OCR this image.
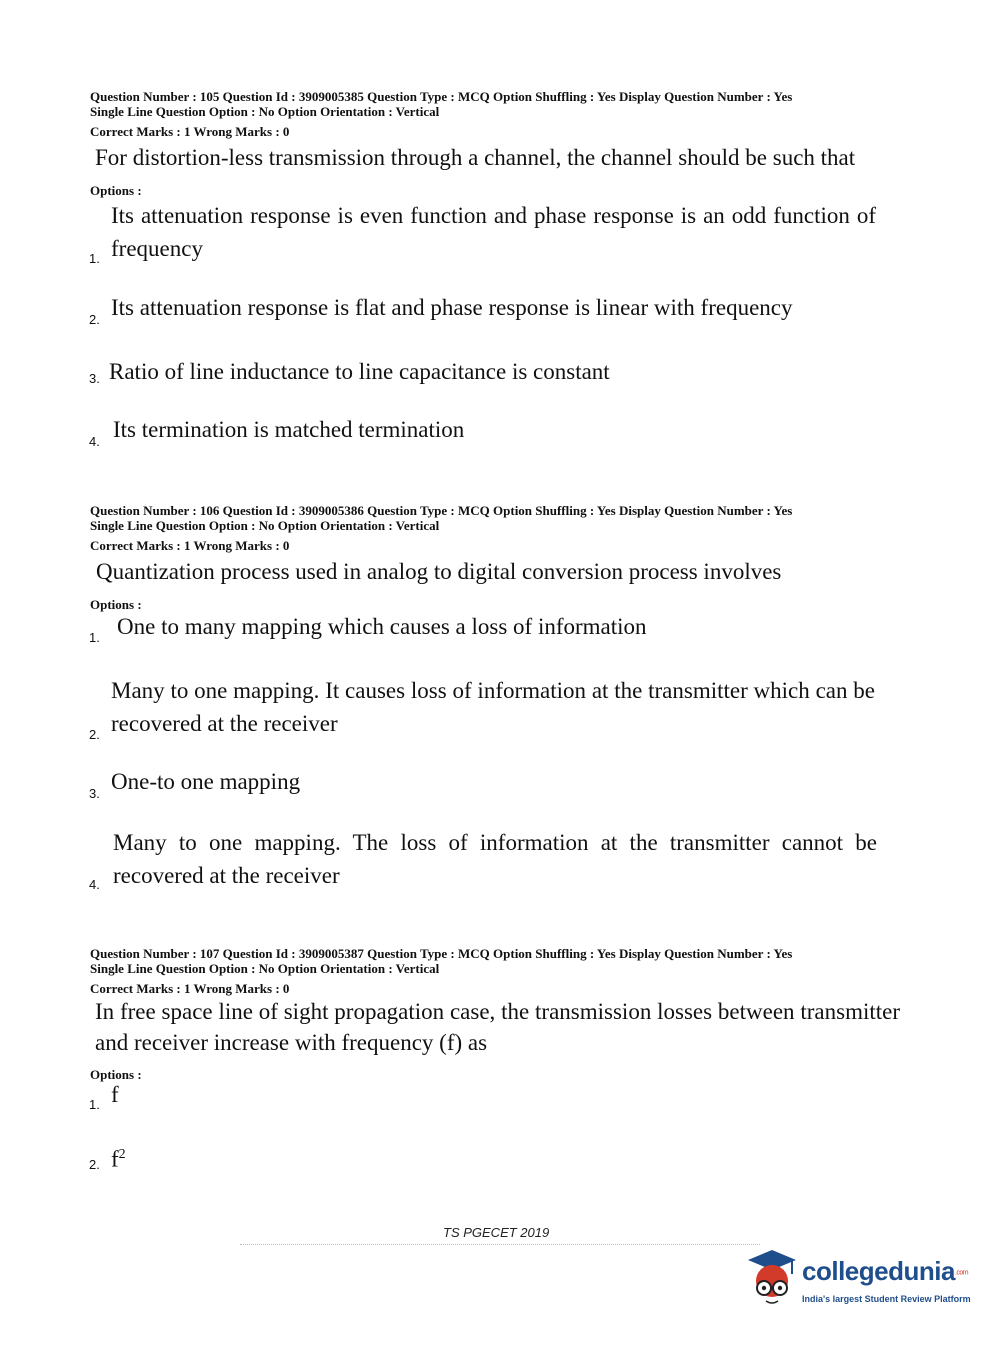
Question Number : 105 Question Id : 3909005385 Question Type : MCQ Option Shuffling : Yes Display Question Number : Yes
Single Line Question Option : No Option Orientation : Vertical
Correct Marks : 1 Wrong Marks : 0
For distortion-less transmission through a channel, the channel should be such that
Options :
1.
Its attenuation response is even function and phase response is an odd function of frequency
2. Its attenuation response is flat and phase response is linear with frequency
3. Ratio of line inductance to line capacitance is constant
4. Its termination is matched termination
Question Number : 106 Question Id : 3909005386 Question Type : MCQ Option Shuffling : Yes Display Question Number : Yes
Single Line Question Option : No Option Orientation : Vertical
Correct Marks : 1 Wrong Marks : 0
Quantization process used in analog to digital conversion process involves
Options :
1. One to many mapping which causes a loss of information
2.
Many to one mapping. It causes loss of information at the transmitter which can be recovered at the receiver
3. One-to one mapping
4.
Many to one mapping. The loss of information at the transmitter cannot be recovered at the receiver
Question Number : 107 Question Id : 3909005387 Question Type : MCQ Option Shuffling : Yes Display Question Number : Yes
Single Line Question Option : No Option Orientation : Vertical
Correct Marks : 1 Wrong Marks : 0
In free space line of sight propagation case, the transmission losses between transmitter and receiver increase with frequency (f) as
Options :
1. f
2. $f^2$
TS PGECET 2019
collegedunia.com
India's largest Student Review Platform
